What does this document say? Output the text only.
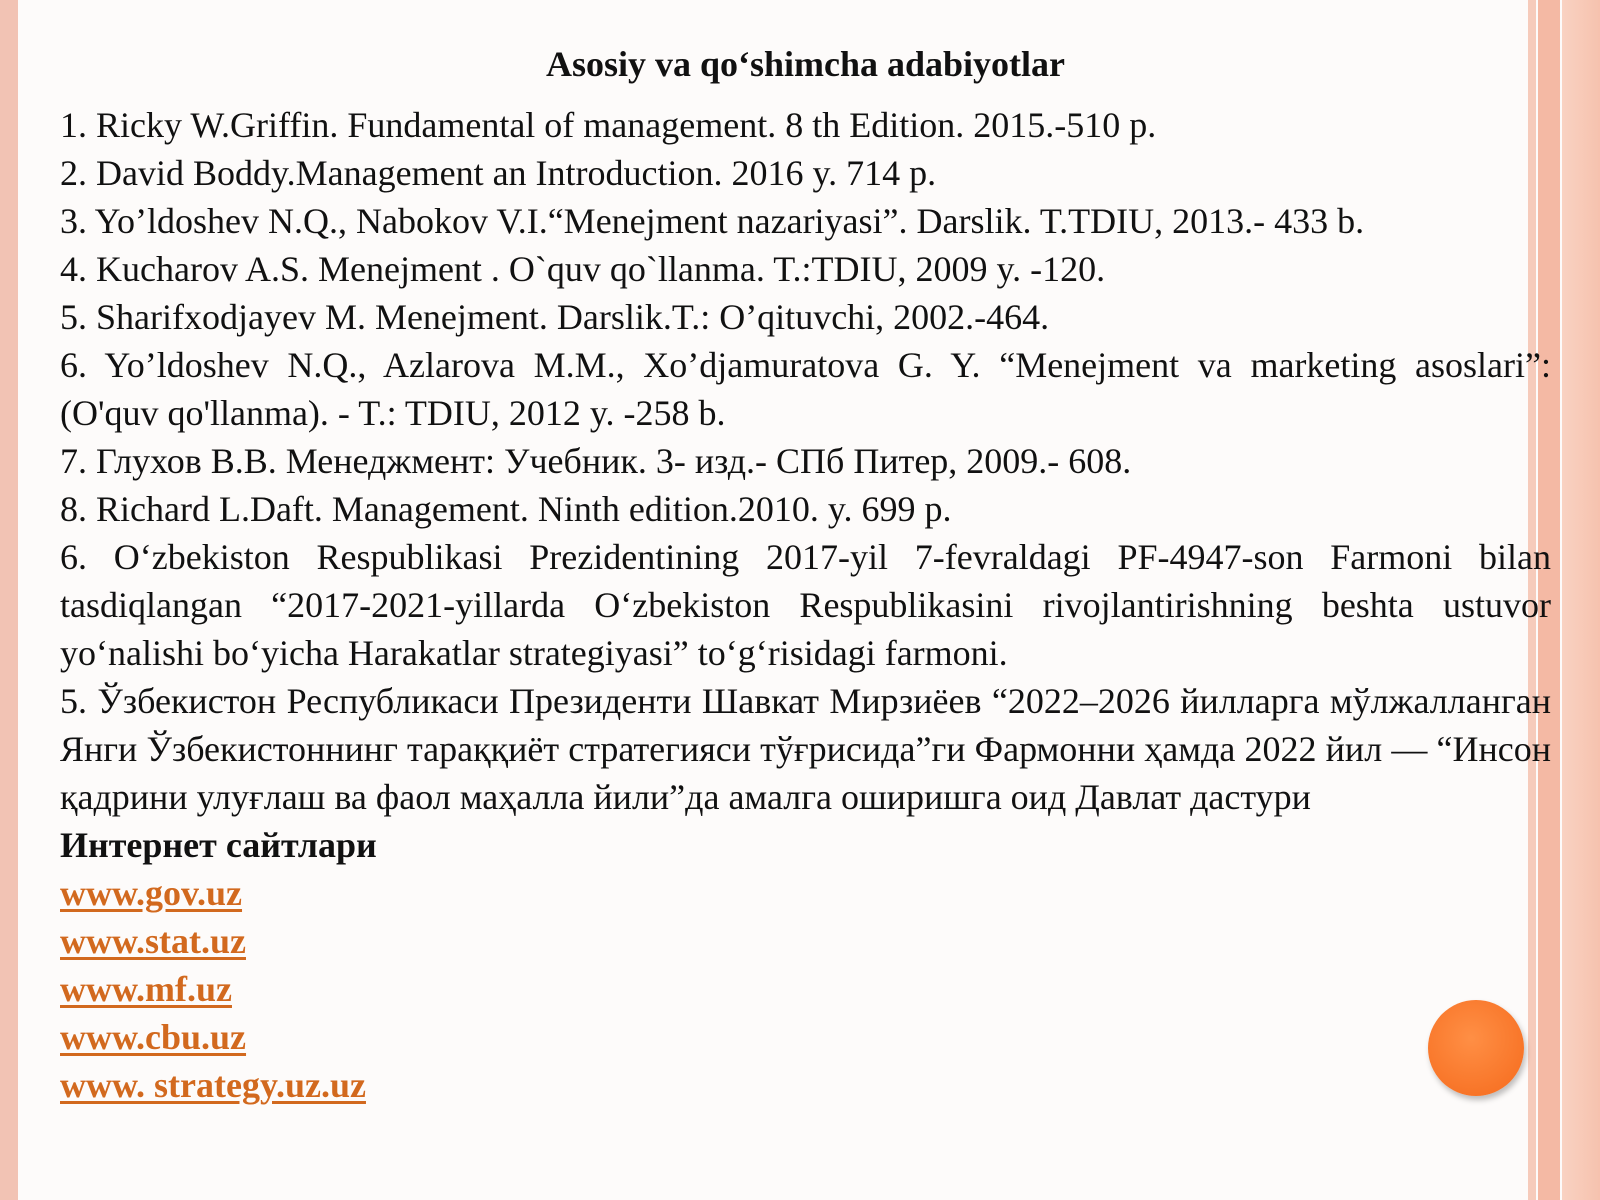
Asosiy va qo‘shimcha adabiyotlar

1. Ricky W.Griffin. Fundamental of management. 8 th Edition. 2015.-510 p.

2. David Boddy.Management an Introduction. 2016 y. 714 p.

3. Yo’ldoshev N.Q., Nabokov V.I.“Menejment nazariyasi”. Darslik. T.TDIU, 2013.- 433 b.

4. Kucharov A.S. Menejment . O`quv qo`llanma. T.:TDIU, 2009 y. -120.

5. Sharifxodjayev M. Menejment. Darslik.T.: O’qituvchi, 2002.-464.

6. Yo’ldoshev N.Q., Azlarova M.M., Xo’djamuratova G. Y. “Menejment va marketing asoslari”: (O'quv qo'llanma). - T.: TDIU, 2012 y. -258 b.

7. Глухов В.В. Менеджмент: Учебник. 3- изд.- СПб Питер, 2009.- 608.

8. Richard L.Daft. Management. Ninth edition.2010. y. 699 p.

6. O‘zbekiston Respublikasi Prezidentining 2017-yil 7-fevraldagi PF-4947-son Farmoni bilan tasdiqlangan “2017-2021-yillarda O‘zbekiston Respublikasini rivojlantirishning beshta ustuvor yo‘nalishi bo‘yicha Harakatlar strategiyasi” to‘g‘risidagi farmoni.

5. Ўзбекистон Республикаси Президенти Шавкат Мирзиёев “2022–2026 йилларга мўлжалланган Янги Ўзбекистоннинг тараққиёт стратегияси тўғрисида”ги Фармонни ҳамда 2022 йил — “Инсон қадрини улуғлаш ва фаол маҳалла йили”да амалга оширишга оид Давлат дастури

Интернет сайтлари
www.gov.uz
www.stat.uz
www.mf.uz
www.cbu.uz
www. strategy.uz.uz
